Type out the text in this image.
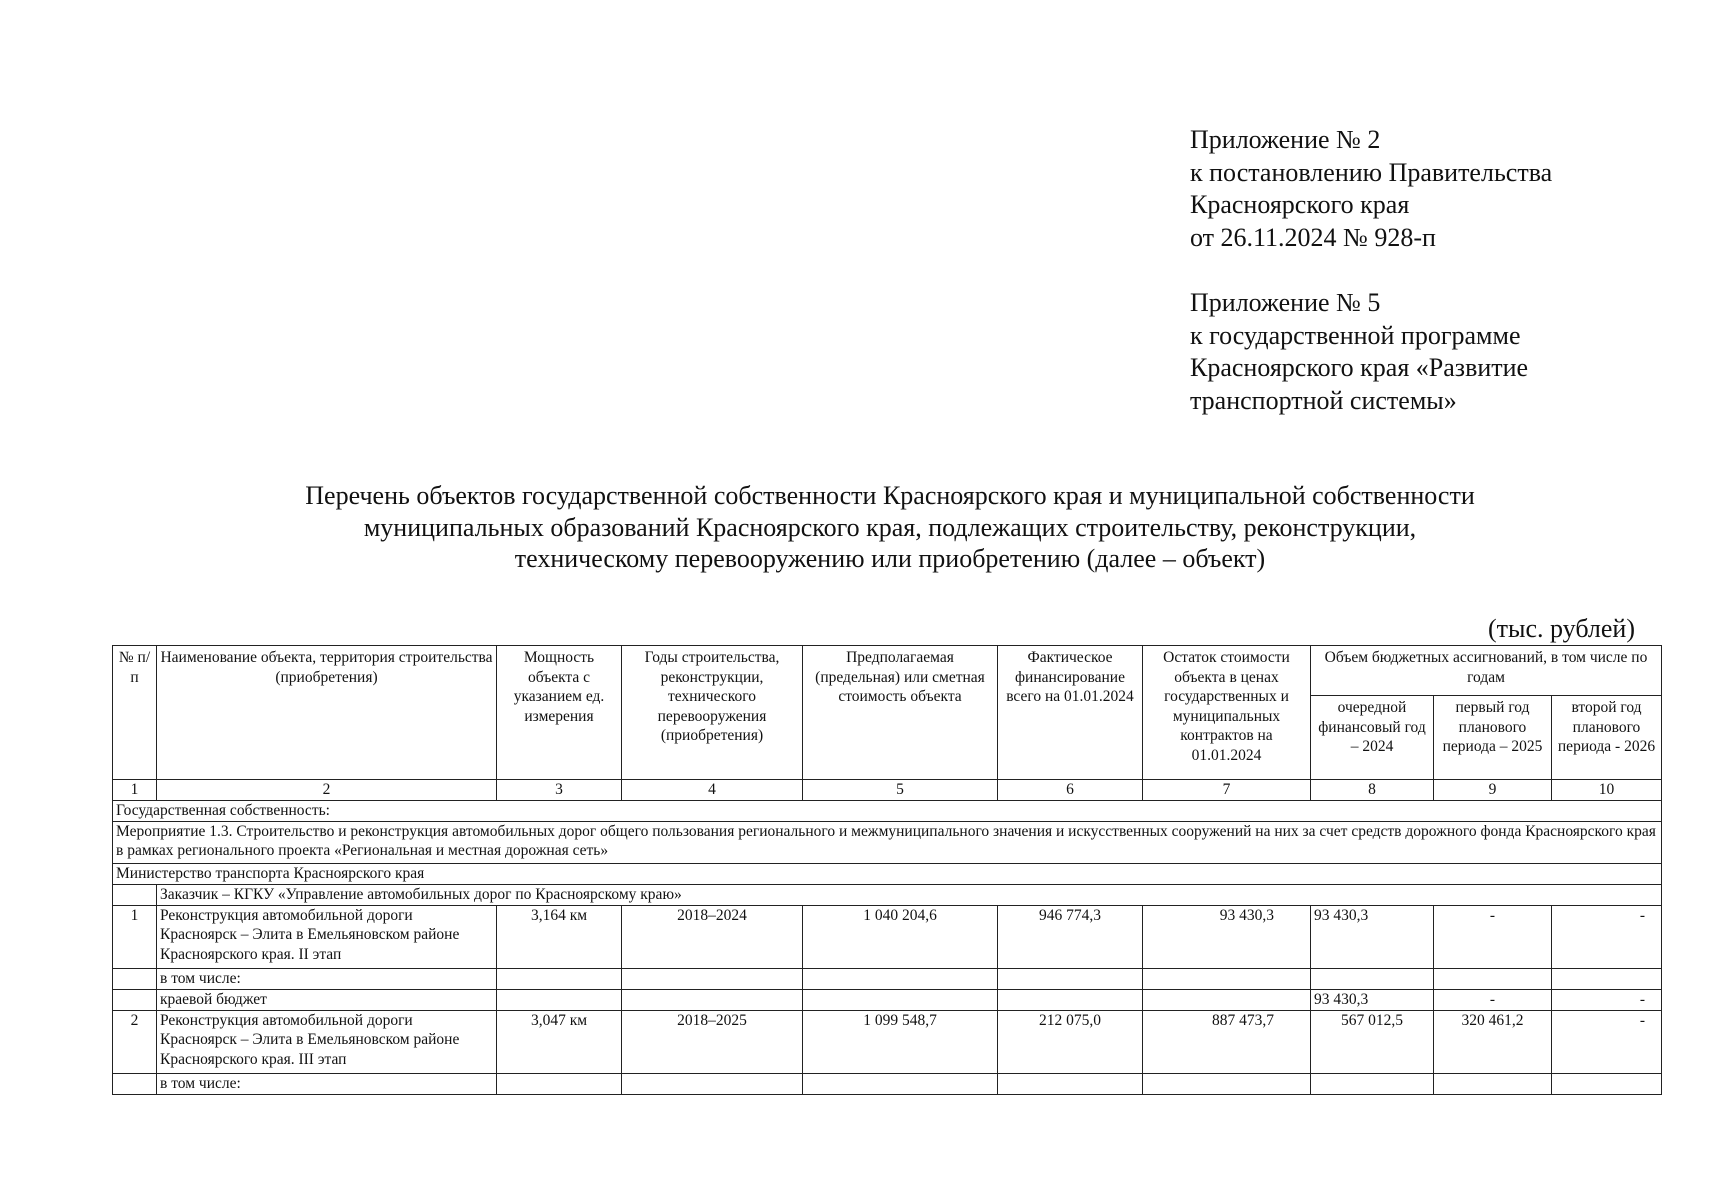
Приложение № 2
к постановлению Правительства
Красноярского края
от 26.11.2024 № 928-п
Приложение № 5
к государственной программе
Красноярского края «Развитие
транспортной системы»
Перечень объектов государственной собственности Красноярского края и муниципальной собственности
муниципальных образований Красноярского края, подлежащих строительству, реконструкции,
техническому перевооружению или приобретению (далее – объект)
(тыс. рублей)
№ п/п	Наименование объекта, территория строительства (приобретения)	Мощность объекта с указанием ед. измерения	Годы строительства, реконструкции, технического перевооружения (приобретения)	Предполагаемая (предельная) или сметная стоимость объекта	Фактическое финансирование всего на 01.01.2024	Остаток стоимости объекта в ценах государственных и муниципальных контрактов на 01.01.2024	Объем бюджетных ассигнований, в том числе по годам		
							очередной финансовый год – 2024	первый год планового периода – 2025	второй год планового периода - 2026
1	2	3	4	5	6	7	8	9	10
Государственная собственность:									
Мероприятие 1.3. Строительство и реконструкция автомобильных дорог общего пользования регионального и межмуниципального значения и искусственных сооружений на них за счет средств дорожного фонда Красноярского края в рамках регионального проекта «Региональная и местная дорожная сеть»									
Министерство транспорта Красноярского края									
	Заказчик – КГКУ «Управление автомобильных дорог по Красноярскому краю»								
1	Реконструкция автомобильной дороги Красноярск – Элита в Емельяновском районе Красноярского края. II этап	3,164 км	2018–2024	1 040 204,6	946 774,3	93 430,3	93 430,3	-	-
	в том числе:								
	краевой бюджет						93 430,3	-	-
2	Реконструкция автомобильной дороги Красноярск – Элита в Емельяновском районе Красноярского края. III этап	3,047 км	2018–2025	1 099 548,7	212 075,0	887 473,7	567 012,5	320 461,2	-
	в том числе:								
